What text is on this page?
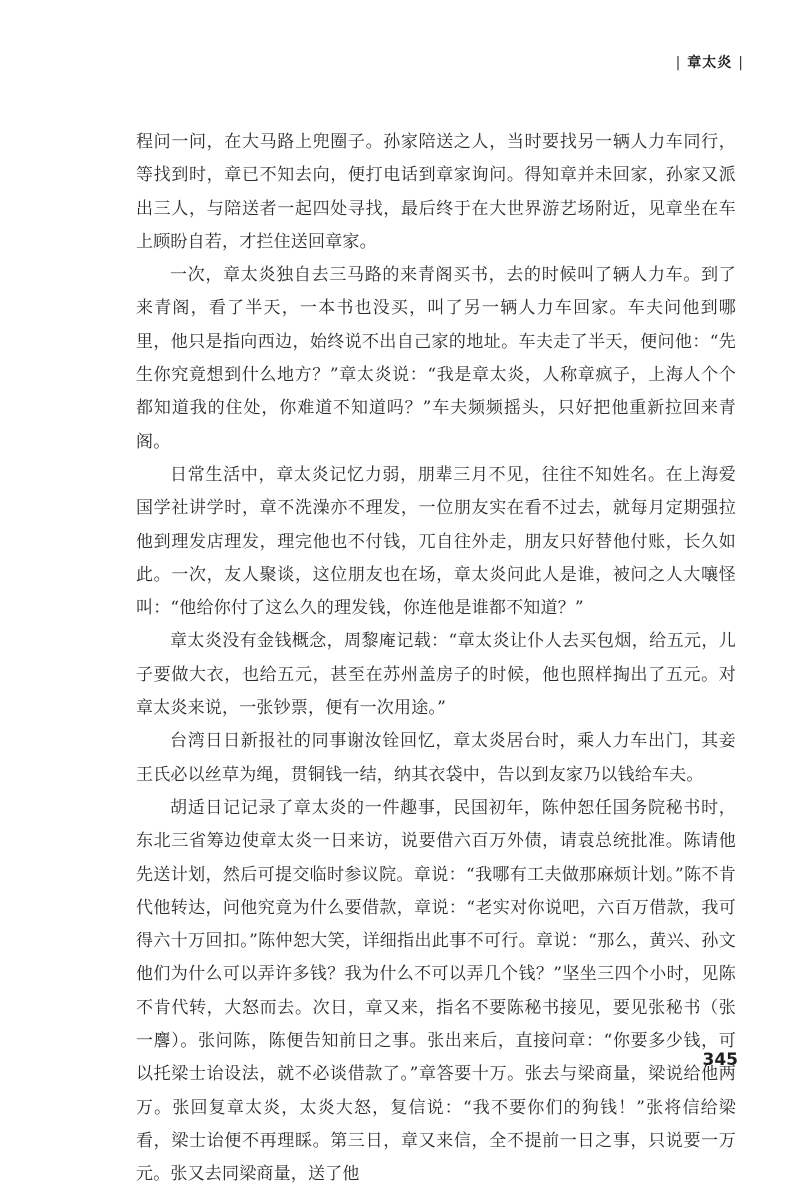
| 章太炎 |

程问一问，在大马路上兜圈子。孙家陪送之人，当时要找另一辆人力车同行，等找到时，章已不知去向，便打电话到章家询问。得知章并未回家，孙家又派出三人，与陪送者一起四处寻找，最后终于在大世界游艺场附近，见章坐在车上顾盼自若，才拦住送回章家。

一次，章太炎独自去三马路的来青阁买书，去的时候叫了辆人力车。到了来青阁，看了半天，一本书也没买，叫了另一辆人力车回家。车夫问他到哪里，他只是指向西边，始终说不出自己家的地址。车夫走了半天，便问他：“先生你究竟想到什么地方？”章太炎说：“我是章太炎，人称章疯子，上海人个个都知道我的住处，你难道不知道吗？”车夫频频摇头，只好把他重新拉回来青阁。

日常生活中，章太炎记忆力弱，朋辈三月不见，往往不知姓名。在上海爱国学社讲学时，章不洗澡亦不理发，一位朋友实在看不过去，就每月定期强拉他到理发店理发，理完他也不付钱，兀自往外走，朋友只好替他付账，长久如此。一次，友人聚谈，这位朋友也在场，章太炎问此人是谁，被问之人大嚷怪叫：“他给你付了这么久的理发钱，你连他是谁都不知道？”

章太炎没有金钱概念，周黎庵记载：“章太炎让仆人去买包烟，给五元，儿子要做大衣，也给五元，甚至在苏州盖房子的时候，他也照样掏出了五元。对章太炎来说，一张钞票，便有一次用途。”

台湾日日新报社的同事谢汝铨回忆，章太炎居台时，乘人力车出门，其妾王氏必以丝草为绳，贯铜钱一结，纳其衣袋中，告以到友家乃以钱给车夫。

胡适日记记录了章太炎的一件趣事，民国初年，陈仲恕任国务院秘书时，东北三省筹边使章太炎一日来访，说要借六百万外债，请袁总统批准。陈请他先送计划，然后可提交临时参议院。章说：“我哪有工夫做那麻烦计划。”陈不肯代他转达，问他究竟为什么要借款，章说：“老实对你说吧，六百万借款，我可得六十万回扣。”陈仲恕大笑，详细指出此事不可行。章说：“那么，黄兴、孙文他们为什么可以弄许多钱？我为什么不可以弄几个钱？”坚坐三四个小时，见陈不肯代转，大怒而去。次日，章又来，指名不要陈秘书接见，要见张秘书（张一麐）。张问陈，陈便告知前日之事。张出来后，直接问章：“你要多少钱，可以托梁士诒设法，就不必谈借款了。”章答要十万。张去与梁商量，梁说给他两万。张回复章太炎，太炎大怒，复信说：“我不要你们的狗钱！”张将信给梁看，梁士诒便不再理睬。第三日，章又来信，全不提前一日之事，只说要一万元。张又去同梁商量，送了他

345
